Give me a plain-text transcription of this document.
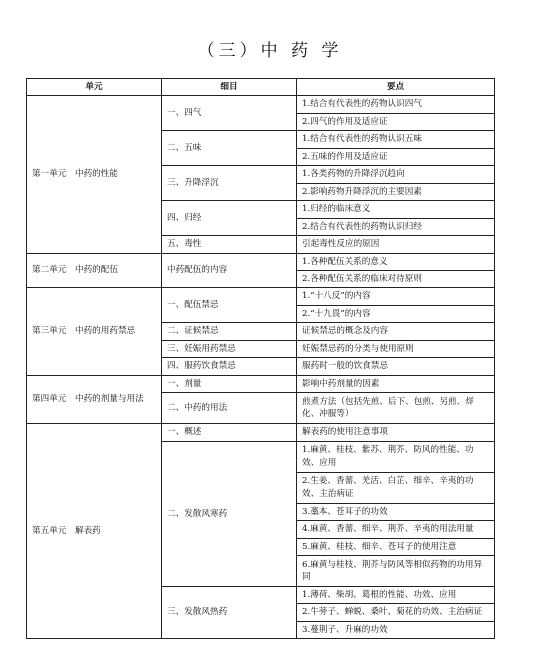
（三）中 药 学
单元	细目	要点
第一单元　中药的性能	一、四气	1.结合有代表性的药物认识四气
		2.四气的作用及适应证
	二、五味	1.结合有代表性的药物认识五味
		2.五味的作用及适应证
	三、升降浮沉	1.各类药物的升降浮沉趋向
		2.影响药物升降浮沉的主要因素
	四、归经	1.归经的临床意义
		2.结合有代表性的药物认识归经
	五、毒性	引起毒性反应的原因
第二单元　中药的配伍	中药配伍的内容	1.各种配伍关系的意义
		2.各种配伍关系的临床对待原则
第三单元　中药的用药禁忌	一、配伍禁忌	1.“十八反”的内容
		2.“十九畏”的内容
	二、证候禁忌	证候禁忌的概念及内容
	三、妊娠用药禁忌	妊娠禁忌药的分类与使用原则
	四、服药饮食禁忌	服药时一般的饮食禁忌
第四单元　中药的剂量与用法	一、剂量	影响中药剂量的因素
	二、中药的用法	煎煮方法（包括先煎、后下、包煎、另煎、烊化、冲服等）
第五单元　解表药	一、概述	解表药的使用注意事项
	二、发散风寒药	1.麻黄、桂枝、紫苏、荆芥、防风的性能、功效、应用
		2.生姜、香薷、羌活、白芷、细辛、辛夷的功效、主治病证
		3.藁本、苍耳子的功效
		4.麻黄、香薷、细辛、荆芥、辛夷的用法用量
		5.麻黄、桂枝、细辛、苍耳子的使用注意
		6.麻黄与桂枝、荆芥与防风等相似药物的功用异同
	三、发散风热药	1.薄荷、柴胡、葛根的性能、功效、应用
		2.牛蒡子、蝉蜕、桑叶、菊花的功效、主治病证
		3.蔓荆子、升麻的功效
